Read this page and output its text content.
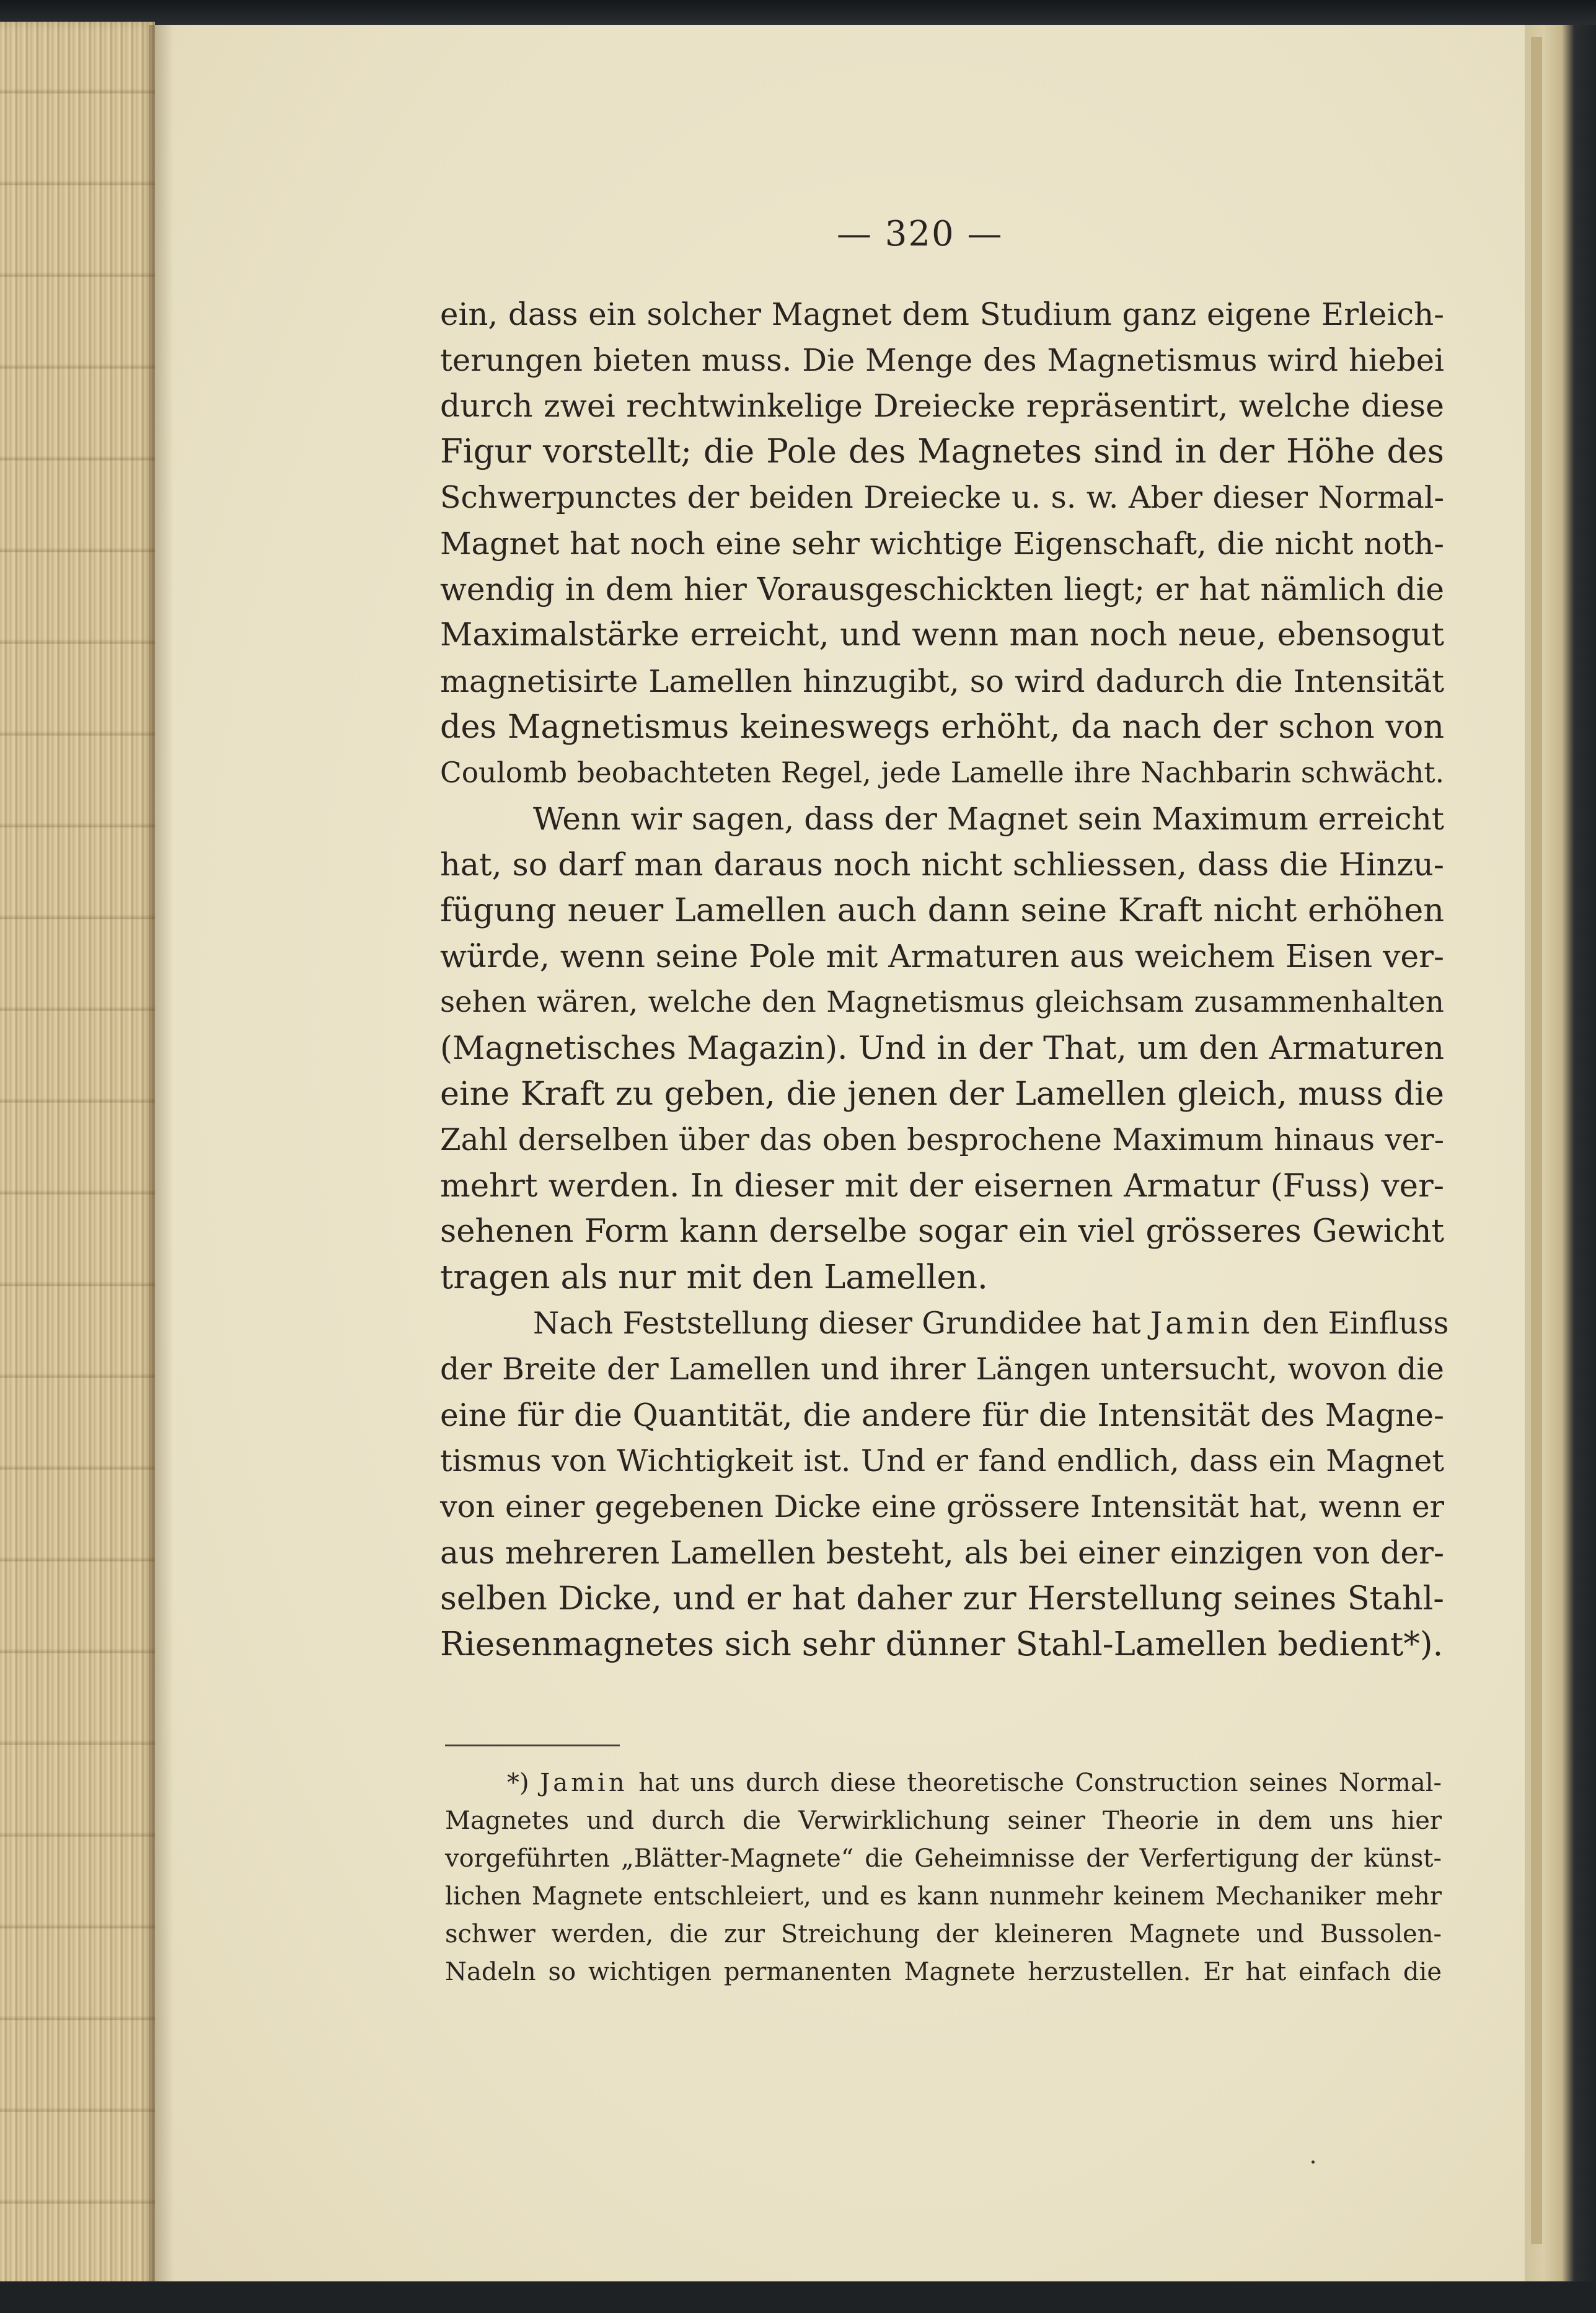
— 320 —
ein, dass ein solcher Magnet dem Studium ganz eigene Erleich-
terungen bieten muss. Die Menge des Magnetismus wird hiebei
durch zwei rechtwinkelige Dreiecke repräsentirt, welche diese
Figur vorstellt; die Pole des Magnetes sind in der Höhe des
Schwerpunctes der beiden Dreiecke u. s. w. Aber dieser Normal-
Magnet hat noch eine sehr wichtige Eigenschaft, die nicht noth-
wendig in dem hier Vorausgeschickten liegt; er hat nämlich die
Maximalstärke erreicht, und wenn man noch neue, ebensogut
magnetisirte Lamellen hinzugibt, so wird dadurch die Intensität
des Magnetismus keineswegs erhöht, da nach der schon von
Coulomb beobachteten Regel, jede Lamelle ihre Nachbarin schwächt.
Wenn wir sagen, dass der Magnet sein Maximum erreicht
hat, so darf man daraus noch nicht schliessen, dass die Hinzu-
fügung neuer Lamellen auch dann seine Kraft nicht erhöhen
würde, wenn seine Pole mit Armaturen aus weichem Eisen ver-
sehen wären, welche den Magnetismus gleichsam zusammenhalten
(Magnetisches Magazin). Und in der That, um den Armaturen
eine Kraft zu geben, die jenen der Lamellen gleich, muss die
Zahl derselben über das oben besprochene Maximum hinaus ver-
mehrt werden. In dieser mit der eisernen Armatur (Fuss) ver-
sehenen Form kann derselbe sogar ein viel grösseres Gewicht
tragen als nur mit den Lamellen.
Nach Feststellung dieser Grundidee hat Jamin den Einfluss
der Breite der Lamellen und ihrer Längen untersucht, wovon die
eine für die Quantität, die andere für die Intensität des Magne-
tismus von Wichtigkeit ist. Und er fand endlich, dass ein Magnet
von einer gegebenen Dicke eine grössere Intensität hat, wenn er
aus mehreren Lamellen besteht, als bei einer einzigen von der-
selben Dicke, und er hat daher zur Herstellung seines Stahl-
Riesenmagnetes sich sehr dünner Stahl-Lamellen bedient*).
*) Jamin hat uns durch diese theoretische Construction seines Normal-
Magnetes und durch die Verwirklichung seiner Theorie in dem uns hier
vorgeführten „Blätter-Magnete“ die Geheimnisse der Verfertigung der künst-
lichen Magnete entschleiert, und es kann nunmehr keinem Mechaniker mehr
schwer werden, die zur Streichung der kleineren Magnete und Bussolen-
Nadeln so wichtigen permanenten Magnete herzustellen. Er hat einfach die
